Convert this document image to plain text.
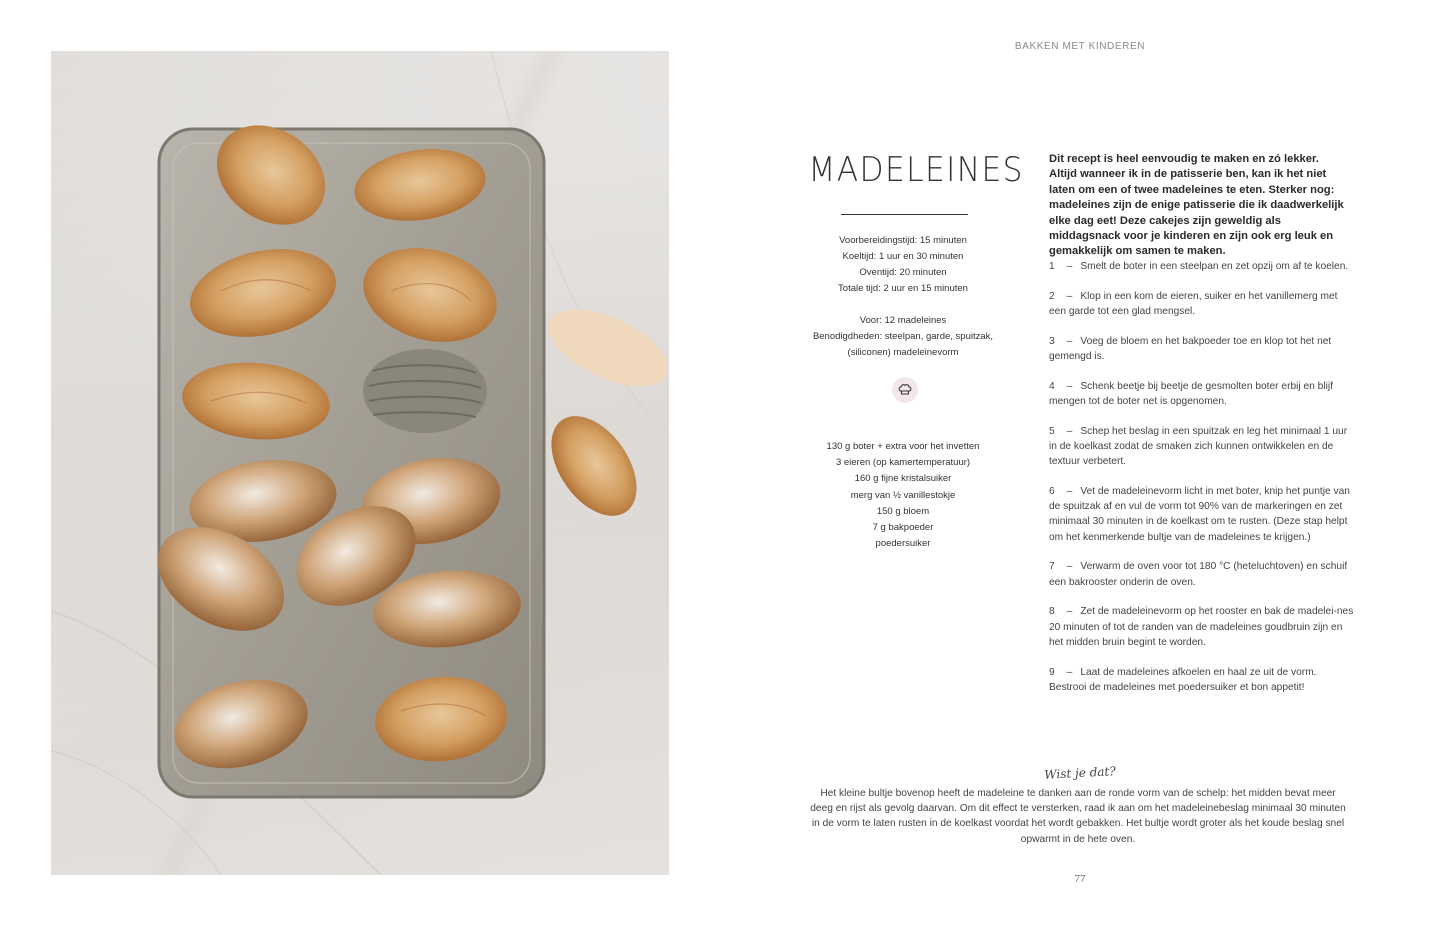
BAKKEN MET KINDEREN
MADELEINES
Voorbereidingstijd: 15 minuten
Koeltijd: 1 uur en 30 minuten
Oventijd: 20 minuten
Totale tijd: 2 uur en 15 minuten
Voor: 12 madeleines
Benodigdheden: steelpan, garde, spuitzak,
(siliconen) madeleinevorm
130 g boter + extra voor het invetten
3 eieren (op kamertemperatuur)
160 g fijne kristalsuiker
merg van ½ vanillestokje
150 g bloem
7 g bakpoeder
poedersuiker
Dit recept is heel eenvoudig te maken en zó lekker. Altijd wanneer ik in de patisserie ben, kan ik het niet laten om een of twee madeleines te eten. Sterker nog: madeleines zijn de enige patisserie die ik daadwerkelijk elke dag eet! Deze cakejes zijn geweldig als middagsnack voor je kinderen en zijn ook erg leuk en gemakkelijk om samen te maken.
1 – Smelt de boter in een steelpan en zet opzij om af te koelen.
2 – Klop in een kom de eieren, suiker en het vanillemerg met een garde tot een glad mengsel.
3 – Voeg de bloem en het bakpoeder toe en klop tot het net gemengd is.
4 – Schenk beetje bij beetje de gesmolten boter erbij en blijf mengen tot de boter net is opgenomen.
5 – Schep het beslag in een spuitzak en leg het minimaal 1 uur in de koelkast zodat de smaken zich kunnen ontwikkelen en de textuur verbetert.
6 – Vet de madeleinevorm licht in met boter, knip het puntje van de spuitzak af en vul de vorm tot 90% van de markeringen en zet minimaal 30 minuten in de koelkast om te rusten. (Deze stap helpt om het kenmerkende bultje van de madeleines te krijgen.)
7 – Verwarm de oven voor tot 180 °C (heteluchtoven) en schuif een bakrooster onderin de oven.
8 – Zet de madeleinevorm op het rooster en bak de madelei-nes 20 minuten of tot de randen van de madeleines goudbruin zijn en het midden bruin begint te worden.
9 – Laat de madeleines afkoelen en haal ze uit de vorm. Bestrooi de madeleines met poedersuiker et bon appetit!
Wist je dat?
Het kleine bultje bovenop heeft de madeleine te danken aan de ronde vorm van de schelp: het midden bevat meer deeg en rijst als gevolg daarvan. Om dit effect te versterken, raad ik aan om het madeleinebeslag minimaal 30 minuten in de vorm te laten rusten in de koelkast voordat het wordt gebakken. Het bultje wordt groter als het koude beslag snel opwarmt in de hete oven.
77
